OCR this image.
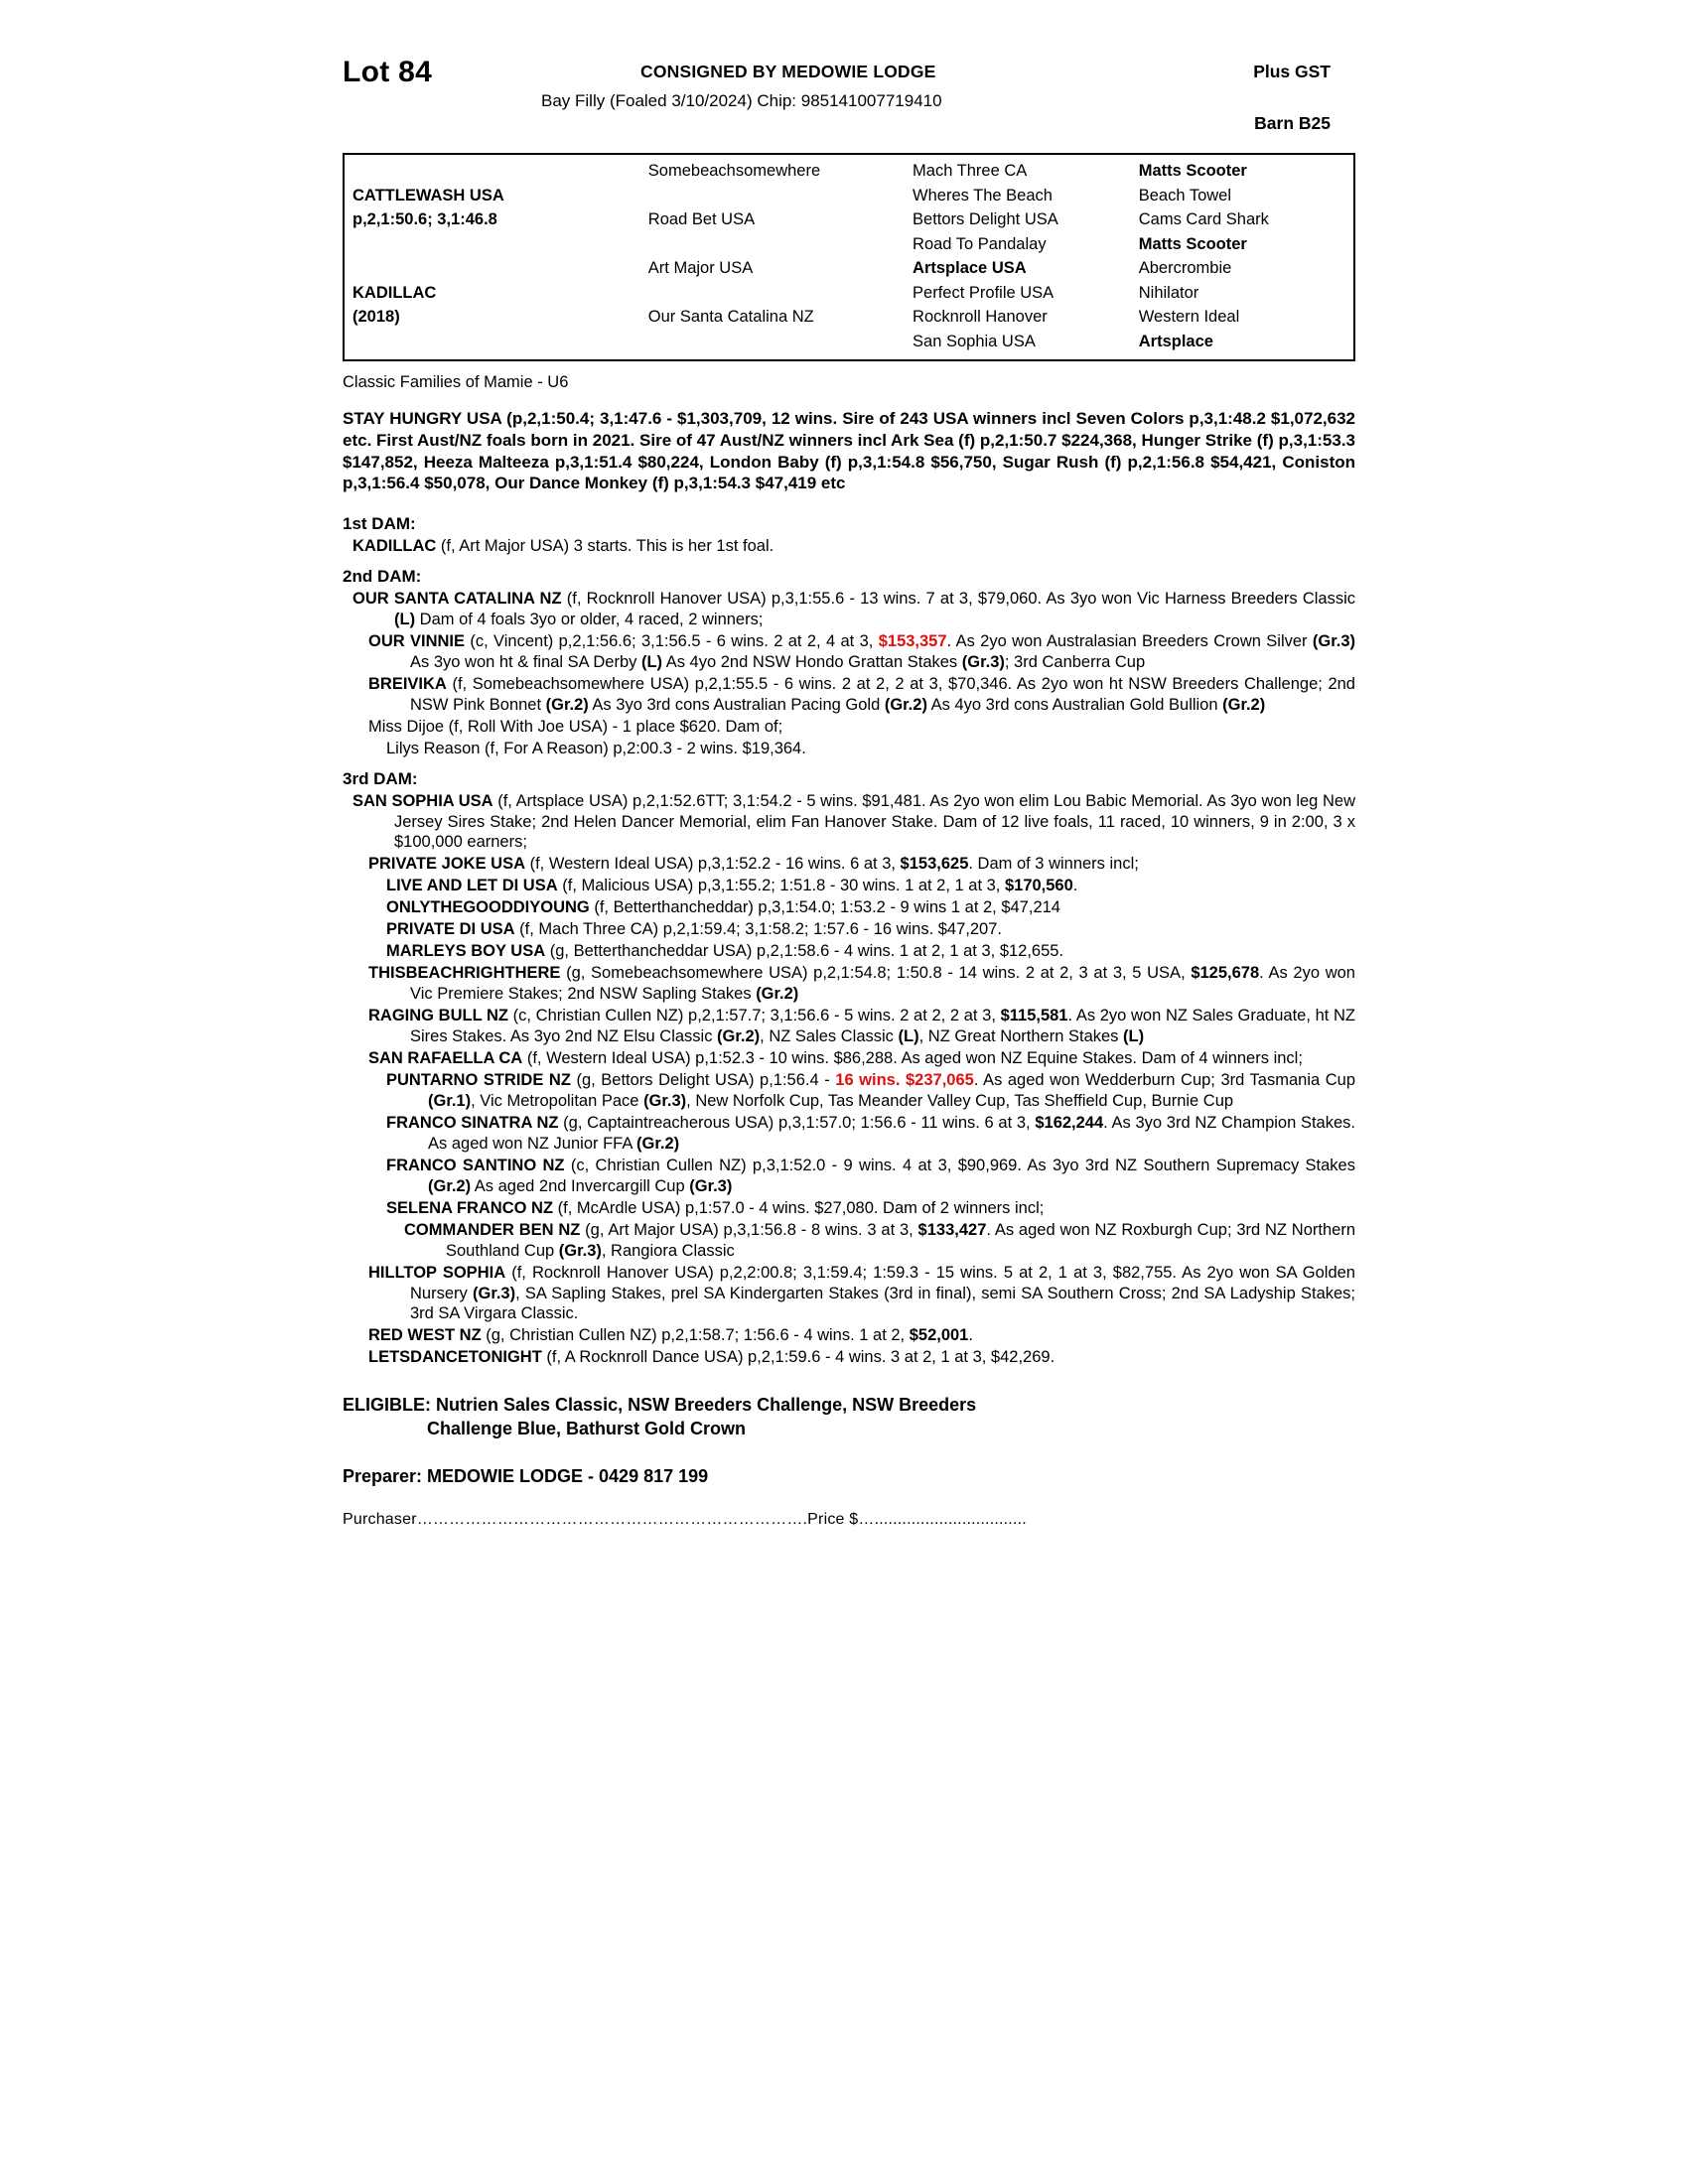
Lot 84	CONSIGNED BY MEDOWIE LODGE	Plus GST
Bay Filly (Foaled 3/10/2024) Chip: 985141007719410
Barn B25
	Somebeachsomewhere	Mach Three CA	Matts Scooter
CATTLEWASH USA		Wheres The Beach	Beach Towel
p,2,1:50.6; 3,1:46.8	Road Bet USA	Bettors Delight USA	Cams Card Shark
		Road To Pandalay	Matts Scooter
	Art Major USA	Artsplace USA	Abercrombie
KADILLAC		Perfect Profile USA	Nihilator
(2018)	Our Santa Catalina NZ	Rocknroll Hanover	Western Ideal
		San Sophia USA	Artsplace
Classic Families of Mamie - U6
STAY HUNGRY USA (p,2,1:50.4; 3,1:47.6 - $1,303,709, 12 wins. Sire of 243 USA winners incl Seven Colors p,3,1:48.2 $1,072,632 etc. First Aust/NZ foals born in 2021. Sire of 47 Aust/NZ winners incl Ark Sea (f) p,2,1:50.7 $224,368, Hunger Strike (f) p,3,1:53.3 $147,852, Heeza Malteeza p,3,1:51.4 $80,224, London Baby (f) p,3,1:54.8 $56,750, Sugar Rush (f) p,2,1:56.8 $54,421, Coniston p,3,1:56.4 $50,078, Our Dance Monkey (f) p,3,1:54.3 $47,419 etc
1st DAM:
KADILLAC (f, Art Major USA) 3 starts. This is her 1st foal.
2nd DAM:
OUR SANTA CATALINA NZ (f, Rocknroll Hanover USA) p,3,1:55.6 - 13 wins. 7 at 3, $79,060. As 3yo won Vic Harness Breeders Classic (L) Dam of 4 foals 3yo or older, 4 raced, 2 winners;
OUR VINNIE (c, Vincent) p,2,1:56.6; 3,1:56.5 - 6 wins. 2 at 2, 4 at 3, $153,357. As 2yo won Australasian Breeders Crown Silver (Gr.3) As 3yo won ht & final SA Derby (L) As 4yo 2nd NSW Hondo Grattan Stakes (Gr.3); 3rd Canberra Cup
BREIVIKA (f, Somebeachsomewhere USA) p,2,1:55.5 - 6 wins. 2 at 2, 2 at 3, $70,346. As 2yo won ht NSW Breeders Challenge; 2nd NSW Pink Bonnet (Gr.2) As 3yo 3rd cons Australian Pacing Gold (Gr.2) As 4yo 3rd cons Australian Gold Bullion (Gr.2)
Miss Dijoe (f, Roll With Joe USA) - 1 place $620. Dam of;
Lilys Reason (f, For A Reason) p,2:00.3 - 2 wins. $19,364.
3rd DAM:
SAN SOPHIA USA (f, Artsplace USA) p,2,1:52.6TT; 3,1:54.2 - 5 wins. $91,481. As 2yo won elim Lou Babic Memorial. As 3yo won leg New Jersey Sires Stake; 2nd Helen Dancer Memorial, elim Fan Hanover Stake. Dam of 12 live foals, 11 raced, 10 winners, 9 in 2:00, 3 x $100,000 earners;
PRIVATE JOKE USA (f, Western Ideal USA) p,3,1:52.2 - 16 wins. 6 at 3, $153,625. Dam of 3 winners incl;
LIVE AND LET DI USA (f, Malicious USA) p,3,1:55.2; 1:51.8 - 30 wins. 1 at 2, 1 at 3, $170,560.
ONLYTHEGOODDIYOUNG (f, Betterthancheddar) p,3,1:54.0; 1:53.2 - 9 wins 1 at 2, $47,214
PRIVATE DI USA (f, Mach Three CA) p,2,1:59.4; 3,1:58.2; 1:57.6 - 16 wins. $47,207.
MARLEYS BOY USA (g, Betterthancheddar USA) p,2,1:58.6 - 4 wins. 1 at 2, 1 at 3, $12,655.
THISBEACHRIGHTHERE (g, Somebeachsomewhere USA) p,2,1:54.8; 1:50.8 - 14 wins. 2 at 2, 3 at 3, 5 USA, $125,678. As 2yo won Vic Premiere Stakes; 2nd NSW Sapling Stakes (Gr.2)
RAGING BULL NZ (c, Christian Cullen NZ) p,2,1:57.7; 3,1:56.6 - 5 wins. 2 at 2, 2 at 3, $115,581. As 2yo won NZ Sales Graduate, ht NZ Sires Stakes. As 3yo 2nd NZ Elsu Classic (Gr.2), NZ Sales Classic (L), NZ Great Northern Stakes (L)
SAN RAFAELLA CA (f, Western Ideal USA) p,1:52.3 - 10 wins. $86,288. As aged won NZ Equine Stakes. Dam of 4 winners incl;
PUNTARNO STRIDE NZ (g, Bettors Delight USA) p,1:56.4 - 16 wins. $237,065. As aged won Wedderburn Cup; 3rd Tasmania Cup (Gr.1), Vic Metropolitan Pace (Gr.3), New Norfolk Cup, Tas Meander Valley Cup, Tas Sheffield Cup, Burnie Cup
FRANCO SINATRA NZ (g, Captaintreacherous USA) p,3,1:57.0; 1:56.6 - 11 wins. 6 at 3, $162,244. As 3yo 3rd NZ Champion Stakes. As aged won NZ Junior FFA (Gr.2)
FRANCO SANTINO NZ (c, Christian Cullen NZ) p,3,1:52.0 - 9 wins. 4 at 3, $90,969. As 3yo 3rd NZ Southern Supremacy Stakes (Gr.2) As aged 2nd Invercargill Cup (Gr.3)
SELENA FRANCO NZ (f, McArdle USA) p,1:57.0 - 4 wins. $27,080. Dam of 2 winners incl;
COMMANDER BEN NZ (g, Art Major USA) p,3,1:56.8 - 8 wins. 3 at 3, $133,427. As aged won NZ Roxburgh Cup; 3rd NZ Northern Southland Cup (Gr.3), Rangiora Classic
HILLTOP SOPHIA (f, Rocknroll Hanover USA) p,2,2:00.8; 3,1:59.4; 1:59.3 - 15 wins. 5 at 2, 1 at 3, $82,755. As 2yo won SA Golden Nursery (Gr.3), SA Sapling Stakes, prel SA Kindergarten Stakes (3rd in final), semi SA Southern Cross; 2nd SA Ladyship Stakes; 3rd SA Virgara Classic.
RED WEST NZ (g, Christian Cullen NZ) p,2,1:58.7; 1:56.6 - 4 wins. 1 at 2, $52,001.
LETSDANCETONIGHT (f, A Rocknroll Dance USA) p,2,1:59.6 - 4 wins. 3 at 2, 1 at 3, $42,269.
ELIGIBLE: Nutrien Sales Classic, NSW Breeders Challenge, NSW Breeders
Challenge Blue, Bathurst Gold Crown
Preparer: MEDOWIE LODGE - 0429 817 199
Purchaser……………………………………………………………….Price $….................................
